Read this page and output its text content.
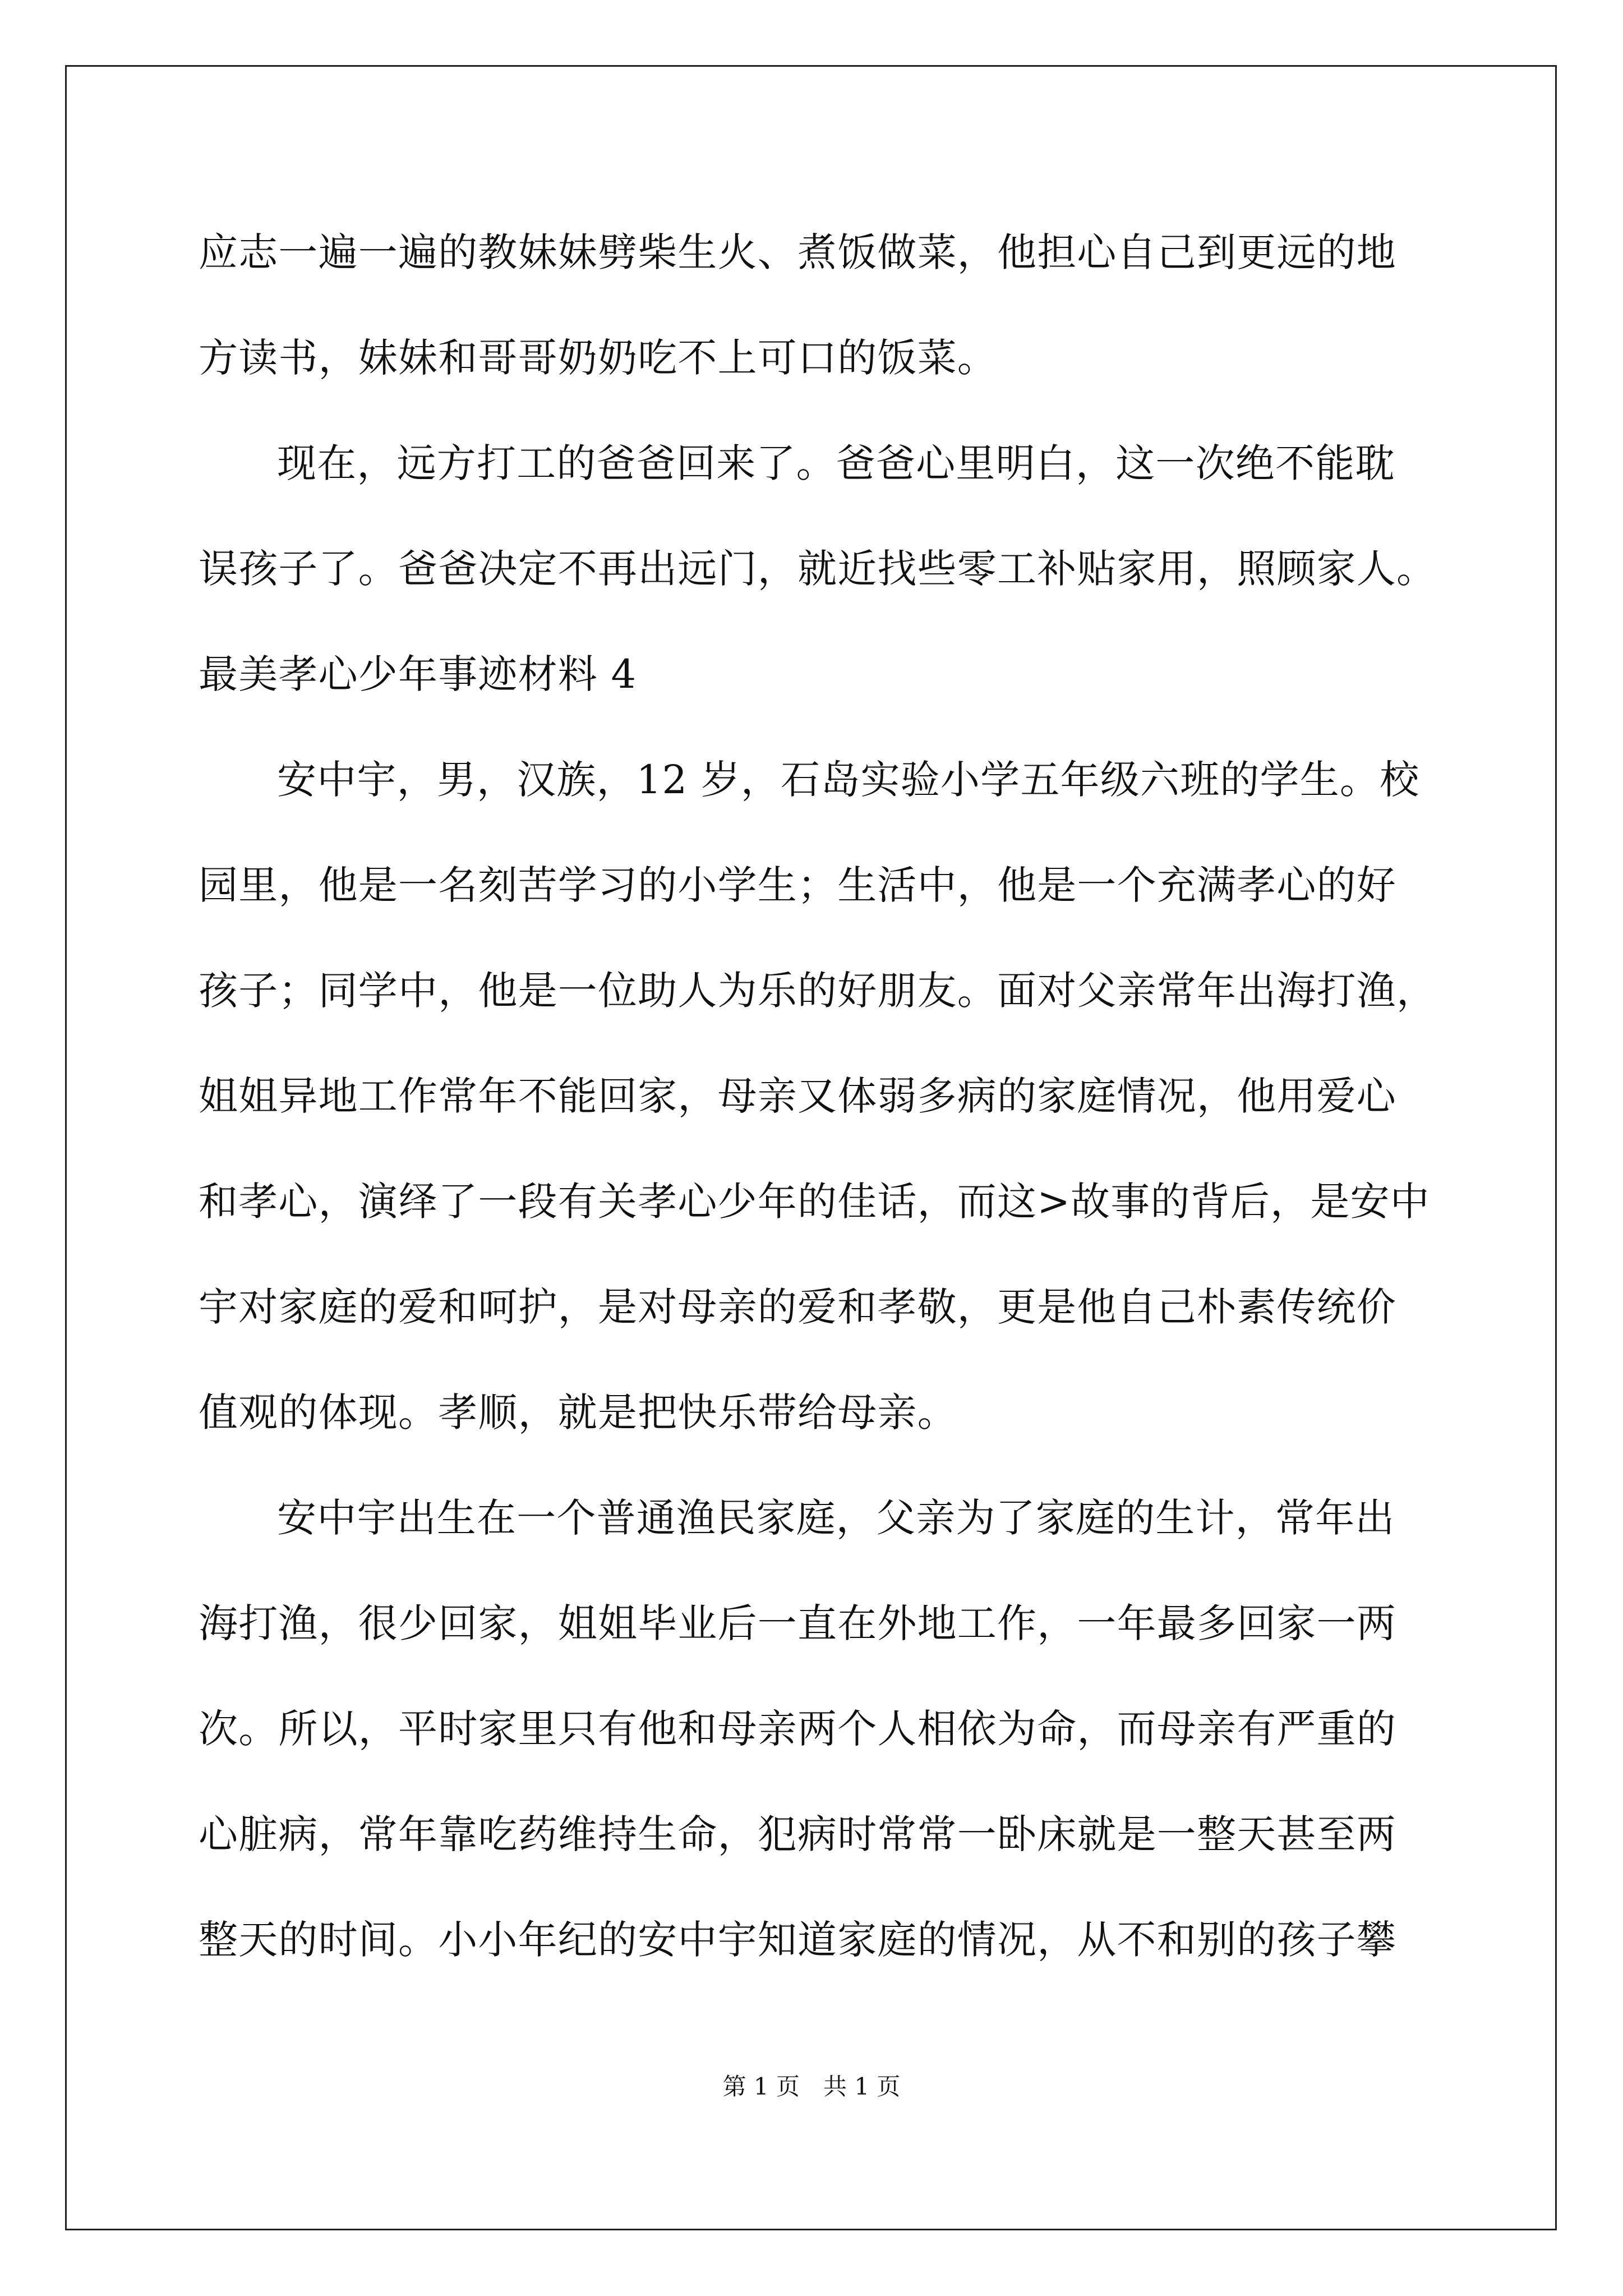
应志一遍一遍的教妹妹劈柴生火、煮饭做菜，他担心自己到更远的地
方读书，妹妹和哥哥奶奶吃不上可口的饭菜。
现在，远方打工的爸爸回来了。爸爸心里明白，这一次绝不能耽
误孩子了。爸爸决定不再出远门，就近找些零工补贴家用，照顾家人。
最美孝心少年事迹材料 4
安中宇，男，汉族，12 岁，石岛实验小学五年级六班的学生。校
园里，他是一名刻苦学习的小学生；生活中，他是一个充满孝心的好
孩子；同学中，他是一位助人为乐的好朋友。面对父亲常年出海打渔，
姐姐异地工作常年不能回家，母亲又体弱多病的家庭情况，他用爱心
和孝心，演绎了一段有关孝心少年的佳话，而这>故事的背后，是安中
宇对家庭的爱和呵护，是对母亲的爱和孝敬，更是他自己朴素传统价
值观的体现。孝顺，就是把快乐带给母亲。
安中宇出生在一个普通渔民家庭，父亲为了家庭的生计，常年出
海打渔，很少回家，姐姐毕业后一直在外地工作，一年最多回家一两
次。所以，平时家里只有他和母亲两个人相依为命，而母亲有严重的
心脏病，常年靠吃药维持生命，犯病时常常一卧床就是一整天甚至两
整天的时间。小小年纪的安中宇知道家庭的情况，从不和别的孩子攀
第 1 页　共 1 页
